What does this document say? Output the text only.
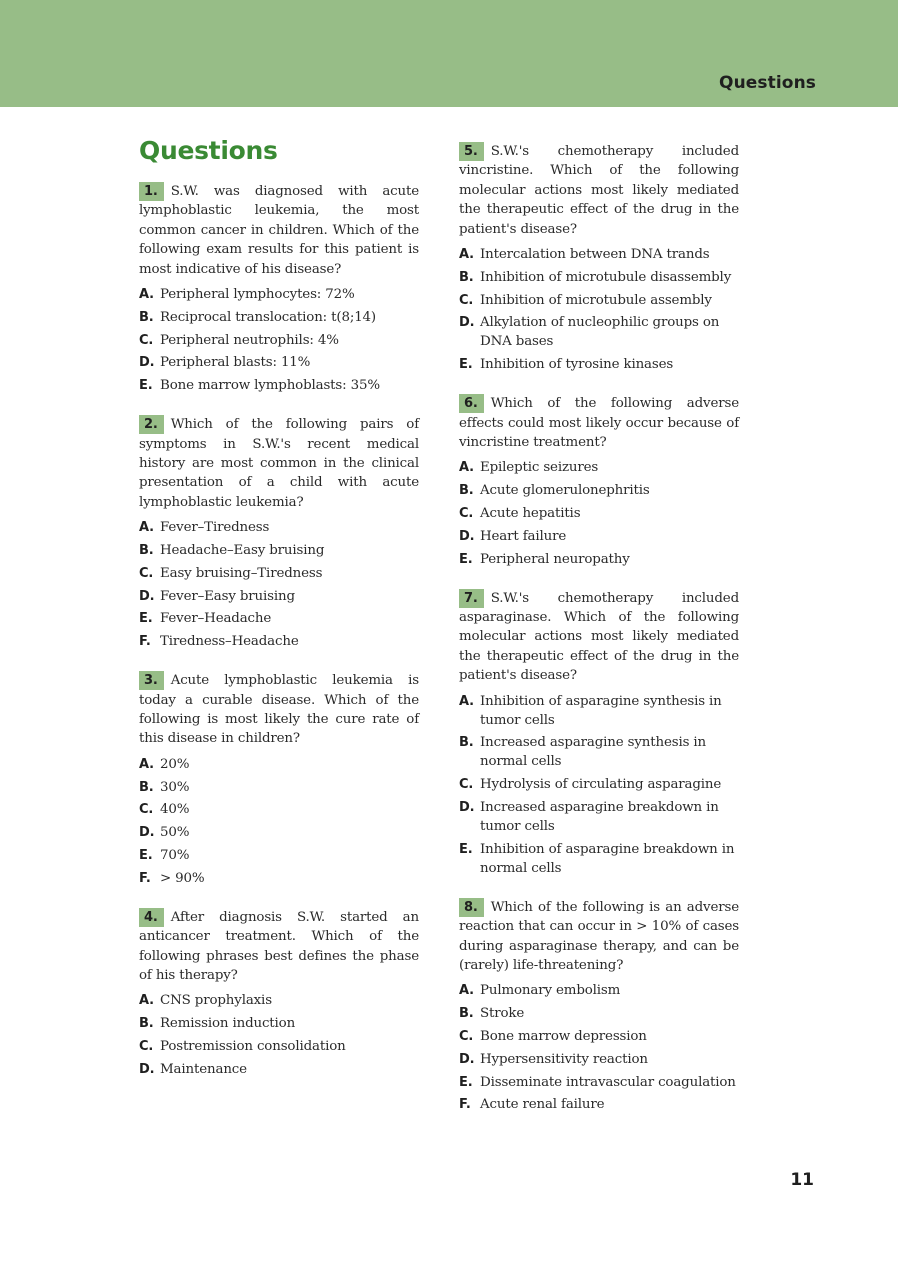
Questions
Questions

1. S.W. was diagnosed with acute lymphoblastic leukemia, the most common cancer in children. Which of the following exam results for this patient is most indicative of his disease?

A. Peripheral lymphocytes: 72%
B. Reciprocal translocation: t(8;14)
C. Peripheral neutrophils: 4%
D. Peripheral blasts: 11%
E. Bone marrow lymphoblasts: 35%

2. Which of the following pairs of symptoms in S.W.'s recent medical history are most common in the clinical presentation of a child with acute lymphoblastic leukemia?

A. Fever–Tiredness
B. Headache–Easy bruising
C. Easy bruising–Tiredness
D. Fever–Easy bruising
E. Fever–Headache
F. Tiredness–Headache

3. Acute lymphoblastic leukemia is today a curable disease. Which of the following is most likely the cure rate of this disease in children?

A. 20%
B. 30%
C. 40%
D. 50%
E. 70%
F. > 90%

4. After diagnosis S.W. started an anticancer treatment. Which of the following phrases best defines the phase of his therapy?

A. CNS prophylaxis
B. Remission induction
C. Postremission consolidation
D. Maintenance

5. S.W.'s chemotherapy included vincristine. Which of the following molecular actions most likely mediated the therapeutic effect of the drug in the patient's disease?

A. Intercalation between DNA trands
B. Inhibition of microtubule disassembly
C. Inhibition of microtubule assembly
D. Alkylation of nucleophilic groups on DNA bases
E. Inhibition of tyrosine kinases

6. Which of the following adverse effects could most likely occur because of vincristine treatment?

A. Epileptic seizures
B. Acute glomerulonephritis
C. Acute hepatitis
D. Heart failure
E. Peripheral neuropathy

7. S.W.'s chemotherapy included asparaginase. Which of the following molecular actions most likely mediated the therapeutic effect of the drug in the patient's disease?

A. Inhibition of asparagine synthesis in tumor cells
B. Increased asparagine synthesis in normal cells
C. Hydrolysis of circulating asparagine
D. Increased asparagine breakdown in tumor cells
E. Inhibition of asparagine breakdown in normal cells

8. Which of the following is an adverse reaction that can occur in > 10% of cases during asparaginase therapy, and can be (rarely) life-threatening?

A. Pulmonary embolism
B. Stroke
C. Bone marrow depression
D. Hypersensitivity reaction
E. Disseminate intravascular coagulation
F. Acute renal failure
11
